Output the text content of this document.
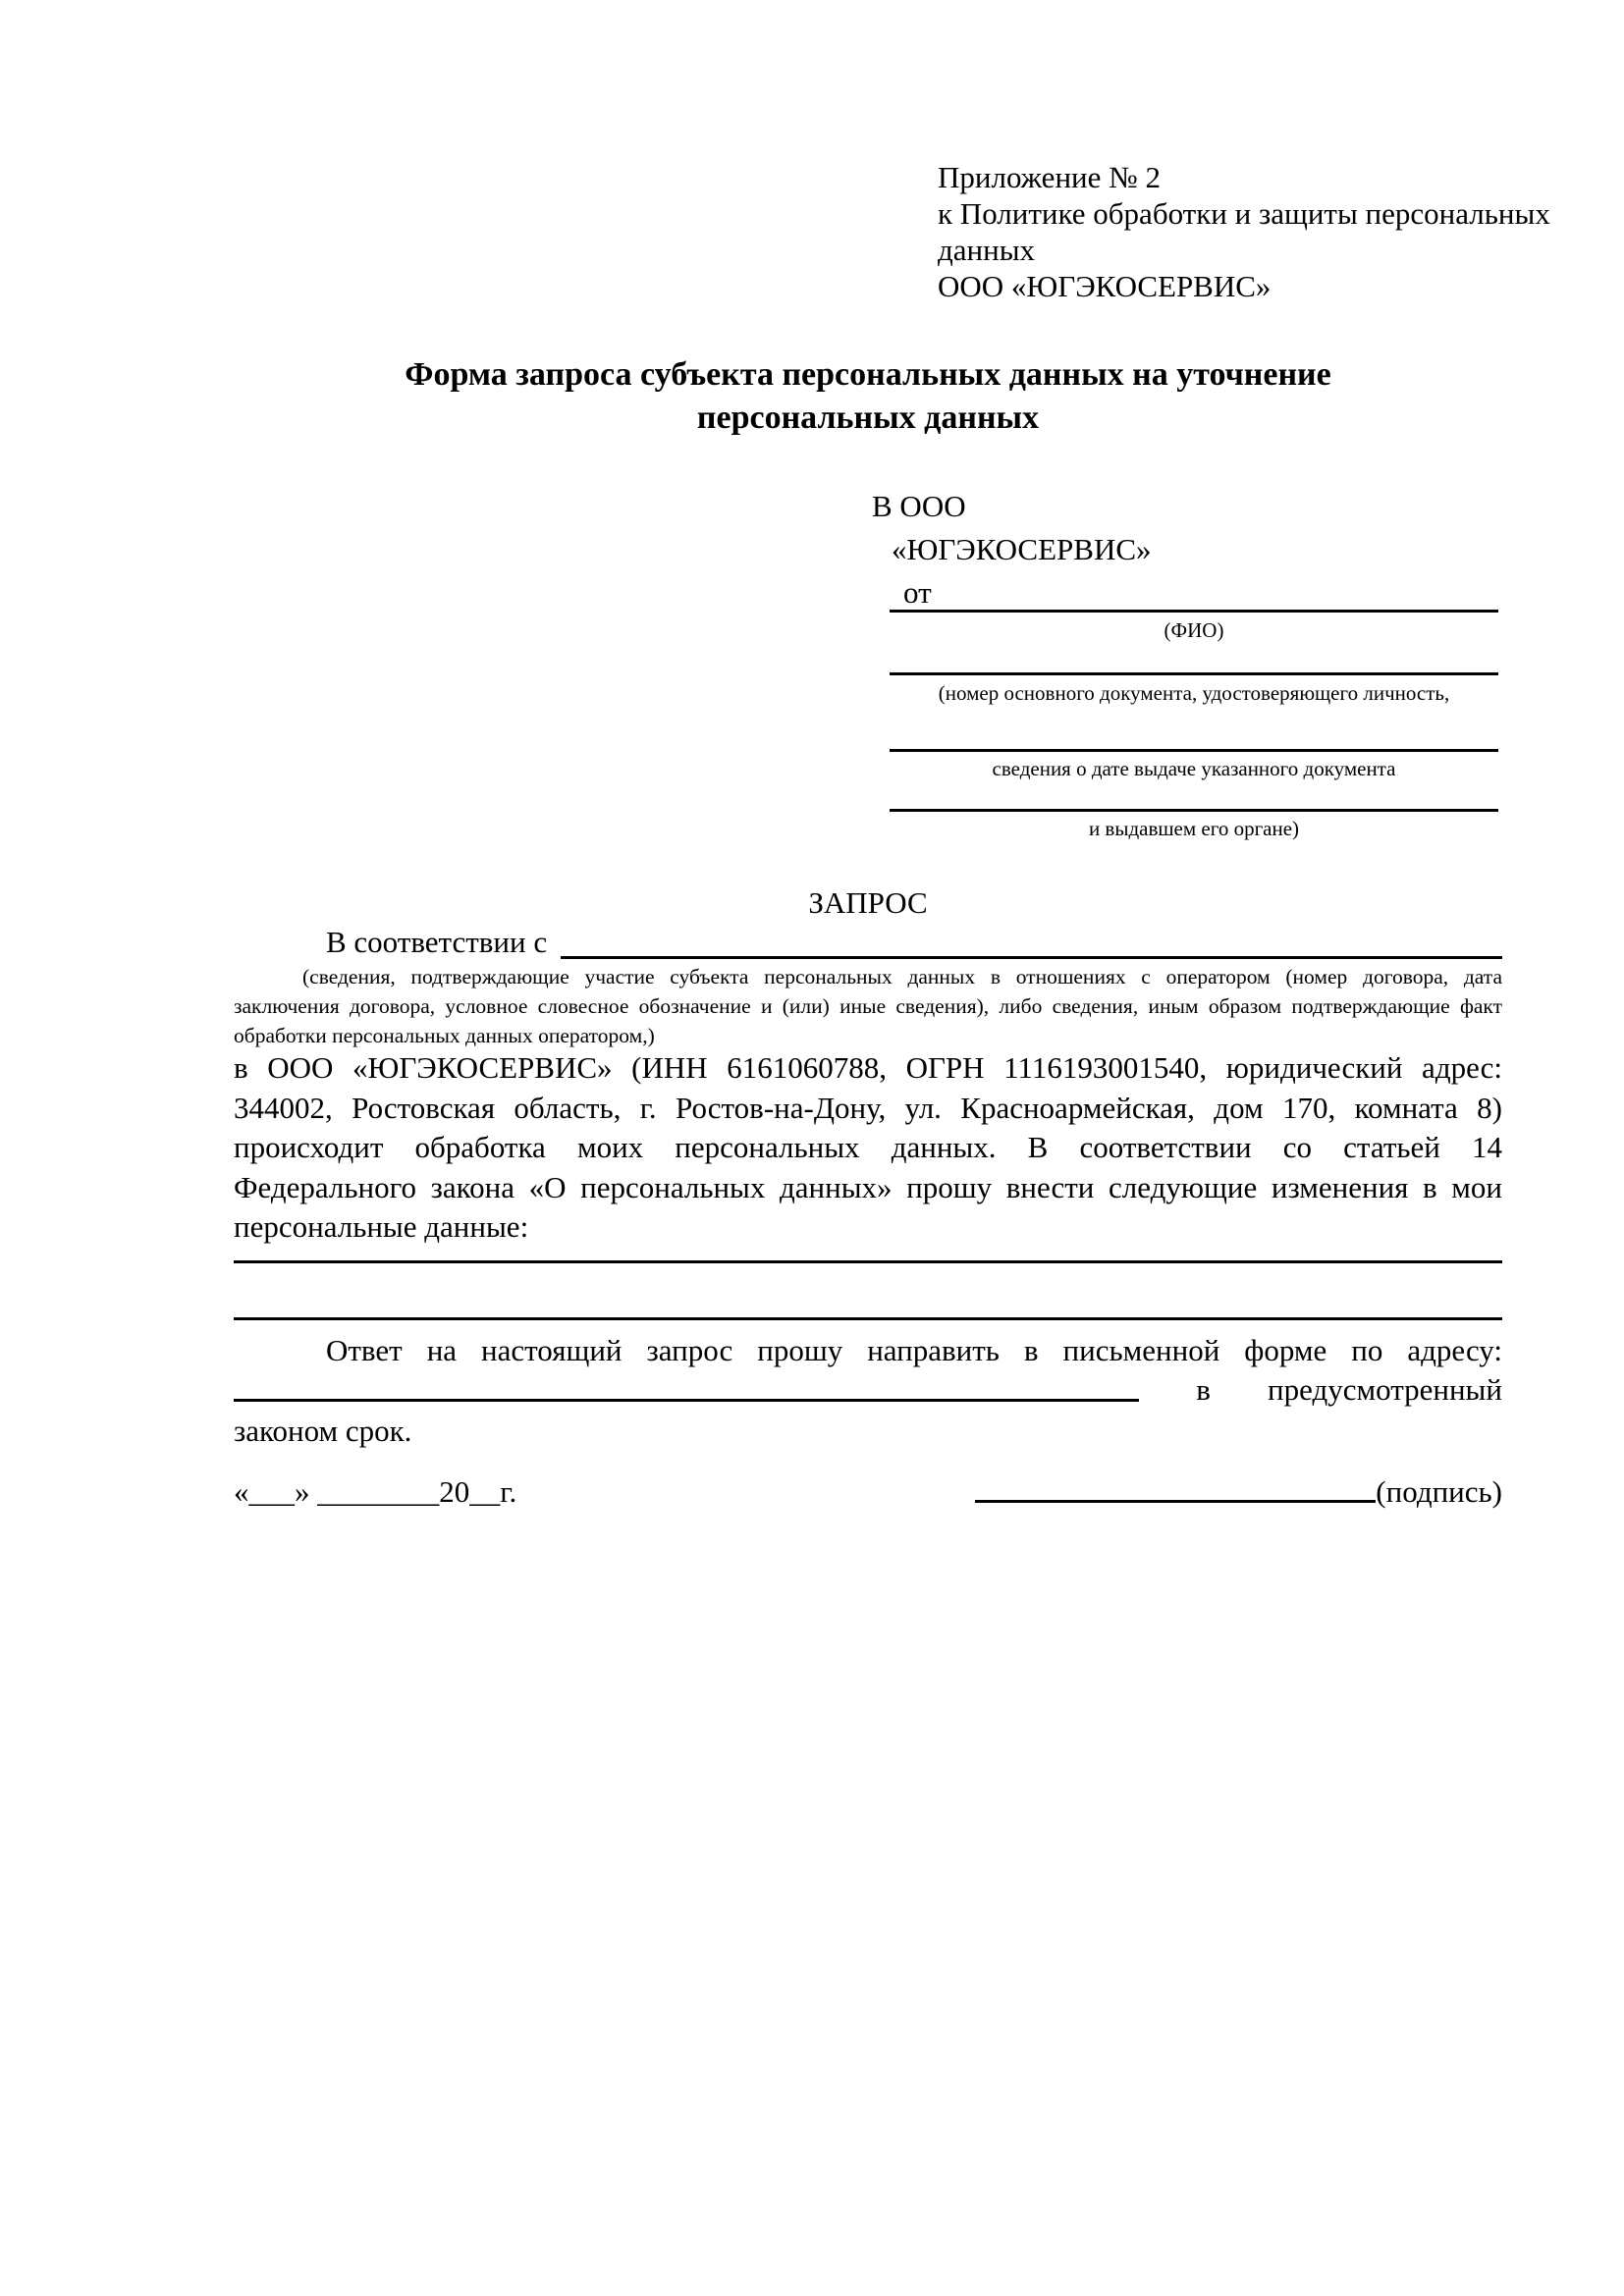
Приложение № 2
к Политике обработки и защиты персональных
данных
ООО «ЮГЭКОСЕРВИС»
Форма запроса субъекта персональных данных на уточнение
персональных данных
В ООО
«ЮГЭКОСЕРВИС»
от
(ФИО)
(номер основного документа, удостоверяющего личность,
сведения о дате выдаче указанного документа
и выдавшем его органе)
ЗАПРОС
В соответствии с
(сведения, подтверждающие участие субъекта персональных данных в отношениях с оператором (номер договора, дата
заключения договора, условное словесное обозначение и (или) иные сведения), либо сведения, иным образом подтверждающие факт
обработки персональных данных оператором,)
в ООО «ЮГЭКОСЕРВИС» (ИНН 6161060788, ОГРН 1116193001540, юридический адрес:
344002, Ростовская область, г. Ростов-на-Дону, ул. Красноармейская, дом 170, комната 8)
происходит обработка моих персональных данных. В соответствии со статьей 14
Федерального закона «О персональных данных» прошу внести следующие изменения в мои
персональные данные:
Ответ на настоящий запрос прошу направить в письменной форме по адресу:
в предусмотренный
законом срок.
«___» ________20__г.	(подпись)
